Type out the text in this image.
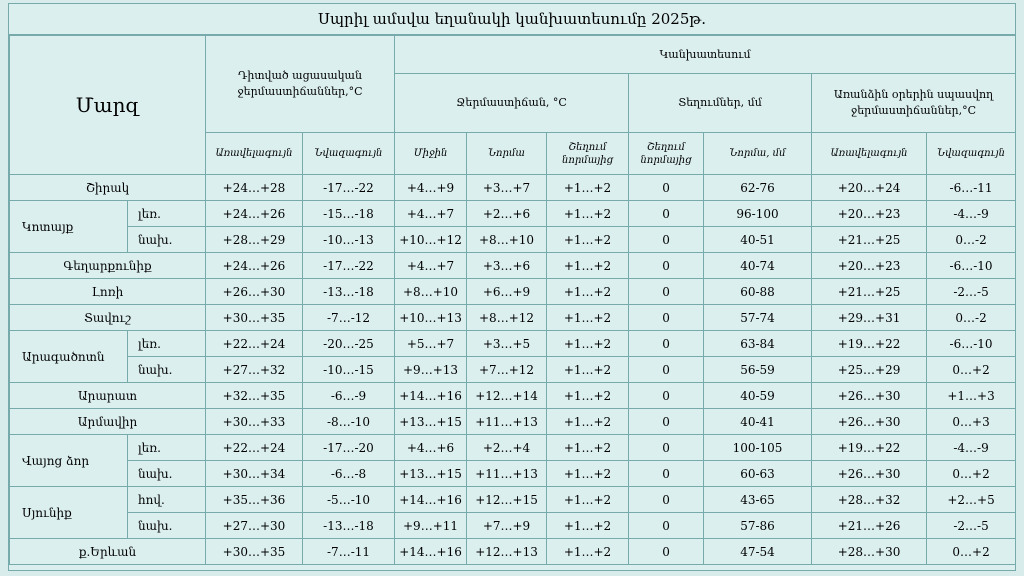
Սպրիլ ամսվա եղանակի կանխատեսումը 2025թ.
Մարզ		Դիտված ացասական ջերմաստիճաններ,°C		Կանխատեսում						
				Ջերմաստիճան, °C			Տեղումներ, մմ		Առանձին օրերին սպասվող ջերմաստիճաններ,°C	
		Առավելագույն	Նվազագույն	Միջին	Նորմա	Շեղում նորմայից	Շեղում նորմայից	Նորմա, մմ	Առավելագույն	Նվազագույն
Շիրակ		+24…+28	-17…-22	+4…+9	+3…+7	+1…+2	0	62-76	+20…+24	-6…-11
Կոտայք	լեռ.	+24…+26	-15…-18	+4…+7	+2…+6	+1…+2	0	96-100	+20…+23	-4…-9
	նախ.	+28…+29	-10…-13	+10…+12	+8…+10	+1…+2	0	40-51	+21…+25	0…-2
Գեղարքունիք		+24…+26	-17…-22	+4…+7	+3…+6	+1…+2	0	40-74	+20…+23	-6…-10
Լոռի		+26…+30	-13…-18	+8…+10	+6…+9	+1…+2	0	60-88	+21…+25	-2…-5
Տավուշ		+30…+35	-7…-12	+10…+13	+8…+12	+1…+2	0	57-74	+29…+31	0…-2
Արագածոտն	լեռ.	+22…+24	-20…-25	+5…+7	+3…+5	+1…+2	0	63-84	+19…+22	-6…-10
	նախ.	+27…+32	-10…-15	+9…+13	+7…+12	+1…+2	0	56-59	+25…+29	0…+2
Արարատ		+32…+35	-6…-9	+14…+16	+12…+14	+1…+2	0	40-59	+26…+30	+1…+3
Արմավիր		+30…+33	-8…-10	+13…+15	+11…+13	+1…+2	0	40-41	+26…+30	0…+3
Վայոց ձոր	լեռ.	+22…+24	-17…-20	+4…+6	+2…+4	+1…+2	0	100-105	+19…+22	-4…-9
	նախ.	+30…+34	-6…-8	+13…+15	+11…+13	+1…+2	0	60-63	+26…+30	0…+2
Սյունիք	հով.	+35…+36	-5…-10	+14…+16	+12…+15	+1…+2	0	43-65	+28…+32	+2…+5
	նախ.	+27…+30	-13…-18	+9…+11	+7…+9	+1…+2	0	57-86	+21…+26	-2…-5
ք.Երևան		+30…+35	-7…-11	+14…+16	+12…+13	+1…+2	0	47-54	+28…+30	0…+2
